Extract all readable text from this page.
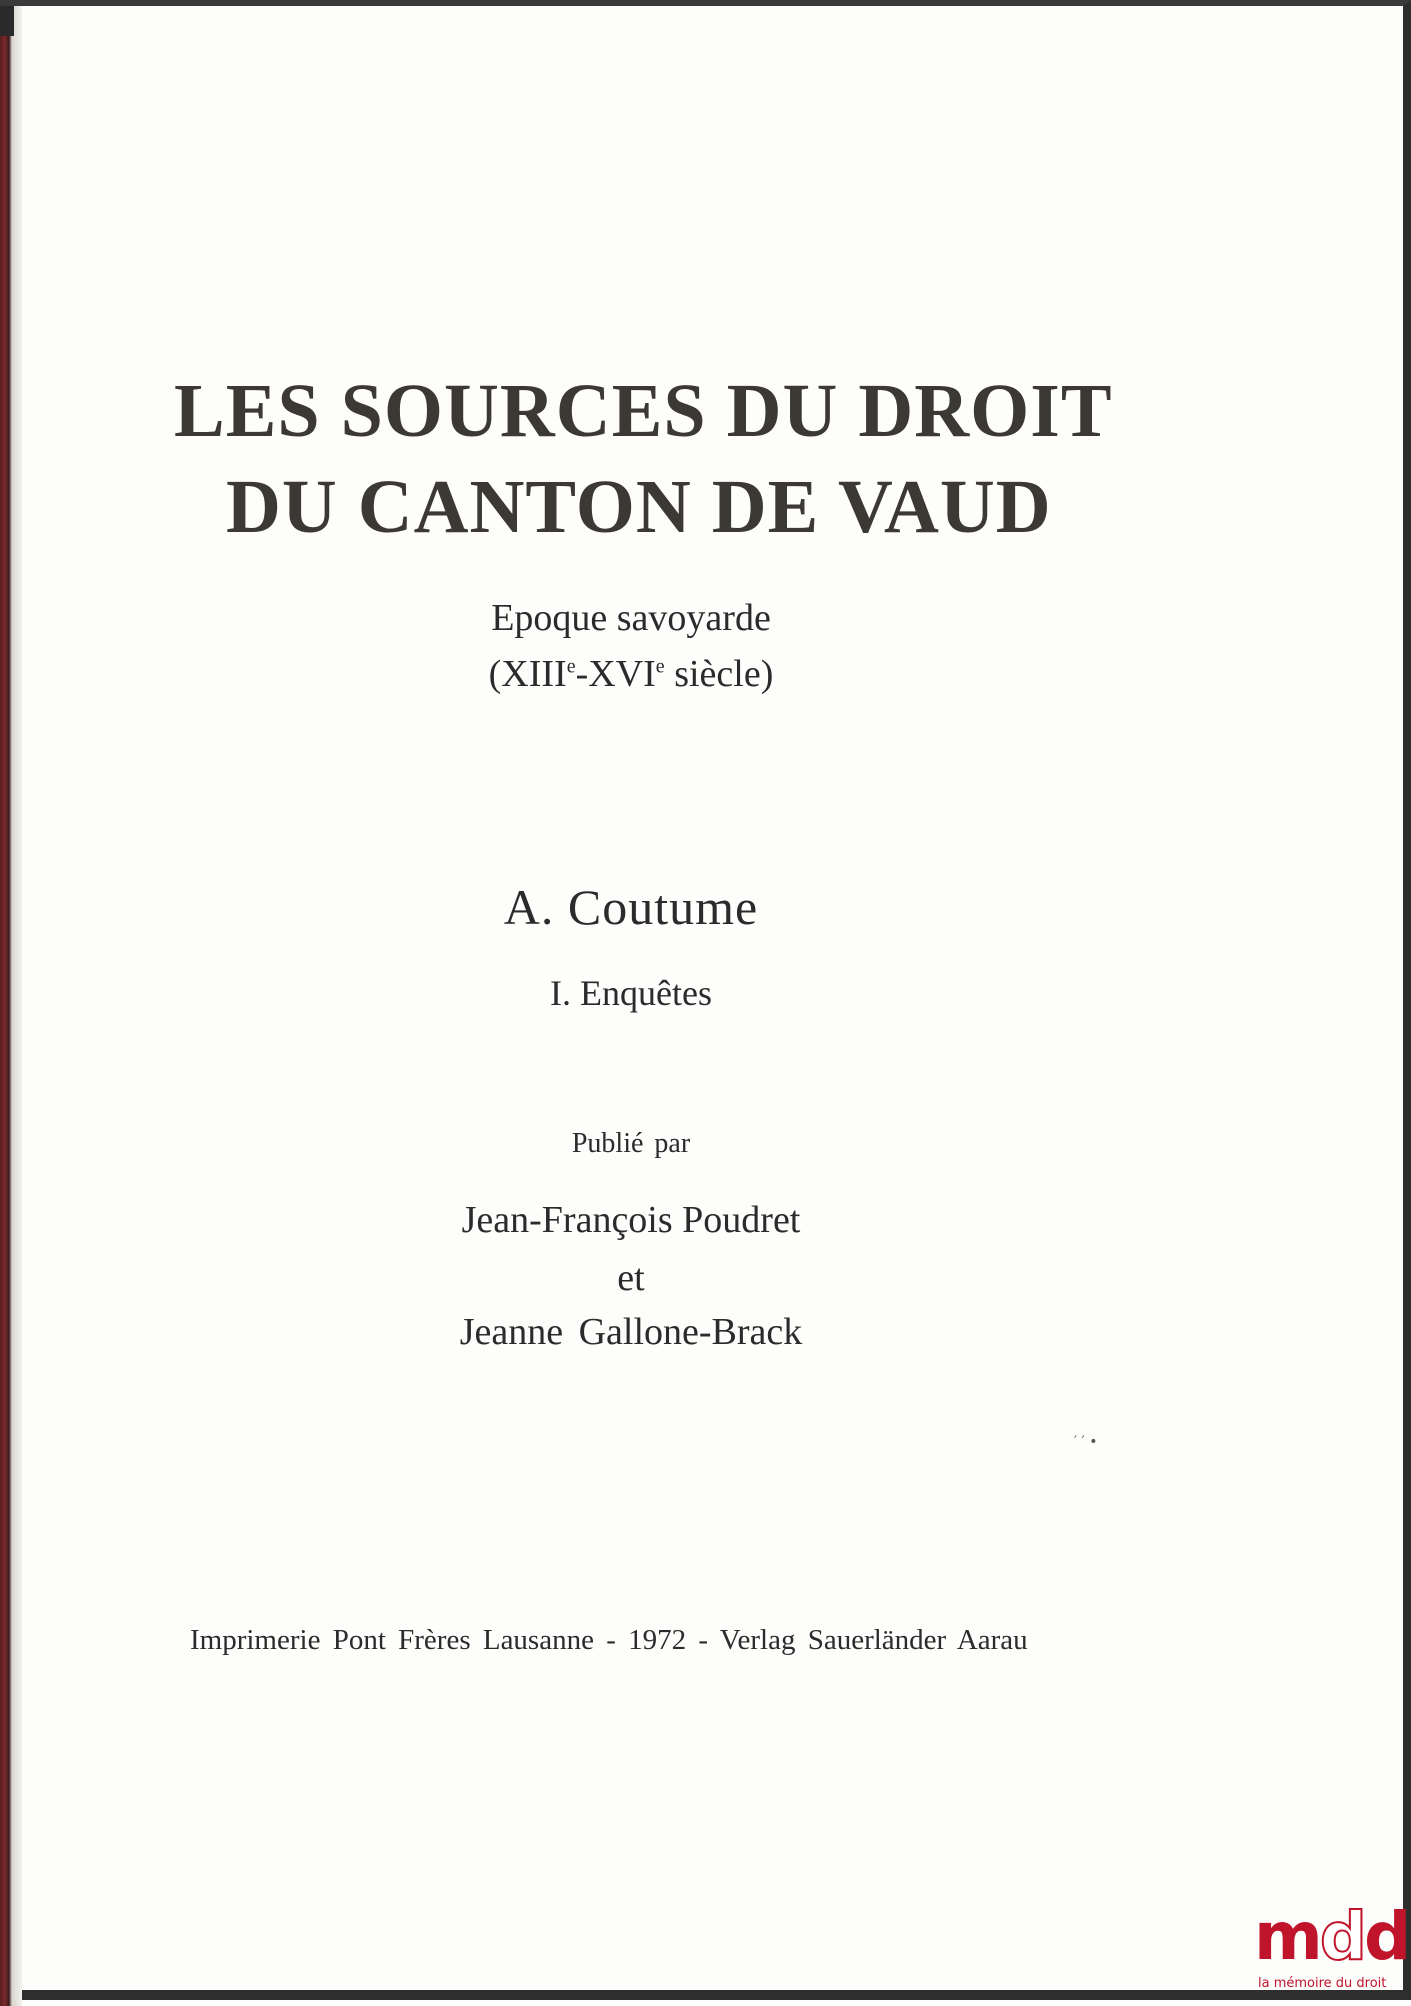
LES SOURCES DU DROIT
DU CANTON DE VAUD
Epoque savoyarde
(XIIIe-XVIe siècle)
A. Coutume
I. Enquêtes
Publié par
Jean-François Poudret
et
Jeanne Gallone-Brack
′ ′ •
Imprimerie Pont Frères Lausanne - 1972 - Verlag Sauerländer Aarau
mdd
la mémoire du droit
